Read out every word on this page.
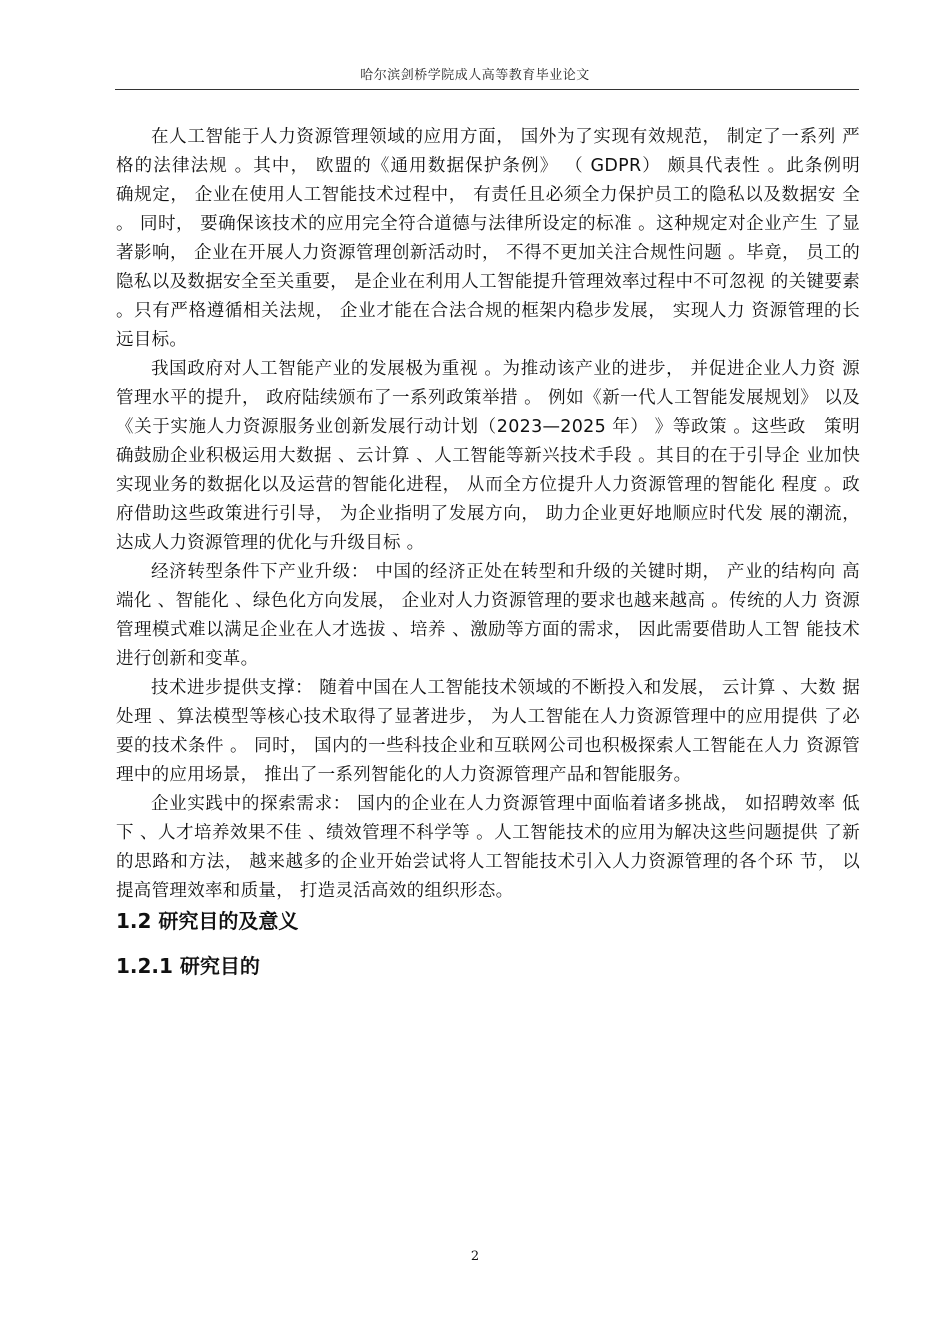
哈尔滨剑桥学院成人高等教育毕业论文

在人工智能于人力资源管理领域的应用方面， 国外为了实现有效规范， 制定了一系列 严格的法律法规 。其中， 欧盟的《通用数据保护条例》 （ GDPR） 颇具代表性 。此条例明　确规定， 企业在使用人工智能技术过程中， 有责任且必须全力保护员工的隐私以及数据安 全 。 同时， 要确保该技术的应用完全符合道德与法律所设定的标准 。这种规定对企业产生 了显著影响， 企业在开展人力资源管理创新活动时， 不得不更加关注合规性问题 。毕竟， 员工的隐私以及数据安全至关重要， 是企业在利用人工智能提升管理效率过程中不可忽视 的关键要素 。只有严格遵循相关法规， 企业才能在合法合规的框架内稳步发展， 实现人力 资源管理的长远目标。

我国政府对人工智能产业的发展极为重视 。为推动该产业的进步， 并促进企业人力资 源管理水平的提升， 政府陆续颁布了一系列政策举措 。 例如《新一代人工智能发展规划》 以及《关于实施人力资源服务业创新发展行动计划（2023—2025 年） 》等政策 。这些政　策明确鼓励企业积极运用大数据 、云计算 、人工智能等新兴技术手段 。其目的在于引导企 业加快实现业务的数据化以及运营的智能化进程， 从而全方位提升人力资源管理的智能化 程度 。政府借助这些政策进行引导， 为企业指明了发展方向， 助力企业更好地顺应时代发 展的潮流， 达成人力资源管理的优化与升级目标 。

经济转型条件下产业升级： 中国的经济正处在转型和升级的关键时期， 产业的结构向 高端化 、智能化 、绿色化方向发展， 企业对人力资源管理的要求也越来越高 。传统的人力 资源管理模式难以满足企业在人才选拔 、培养 、激励等方面的需求， 因此需要借助人工智 能技术进行创新和变革。

技术进步提供支撑： 随着中国在人工智能技术领域的不断投入和发展， 云计算 、大数 据处理 、算法模型等核心技术取得了显著进步， 为人工智能在人力资源管理中的应用提供 了必要的技术条件 。 同时， 国内的一些科技企业和互联网公司也积极探索人工智能在人力 资源管理中的应用场景， 推出了一系列智能化的人力资源管理产品和智能服务。

企业实践中的探索需求： 国内的企业在人力资源管理中面临着诸多挑战， 如招聘效率 低下 、人才培养效果不佳 、绩效管理不科学等 。人工智能技术的应用为解决这些问题提供 了新的思路和方法， 越来越多的企业开始尝试将人工智能技术引入人力资源管理的各个环 节， 以提高管理效率和质量， 打造灵活高效的组织形态。

1.2 研究目的及意义
1.2.1 研究目的
2
